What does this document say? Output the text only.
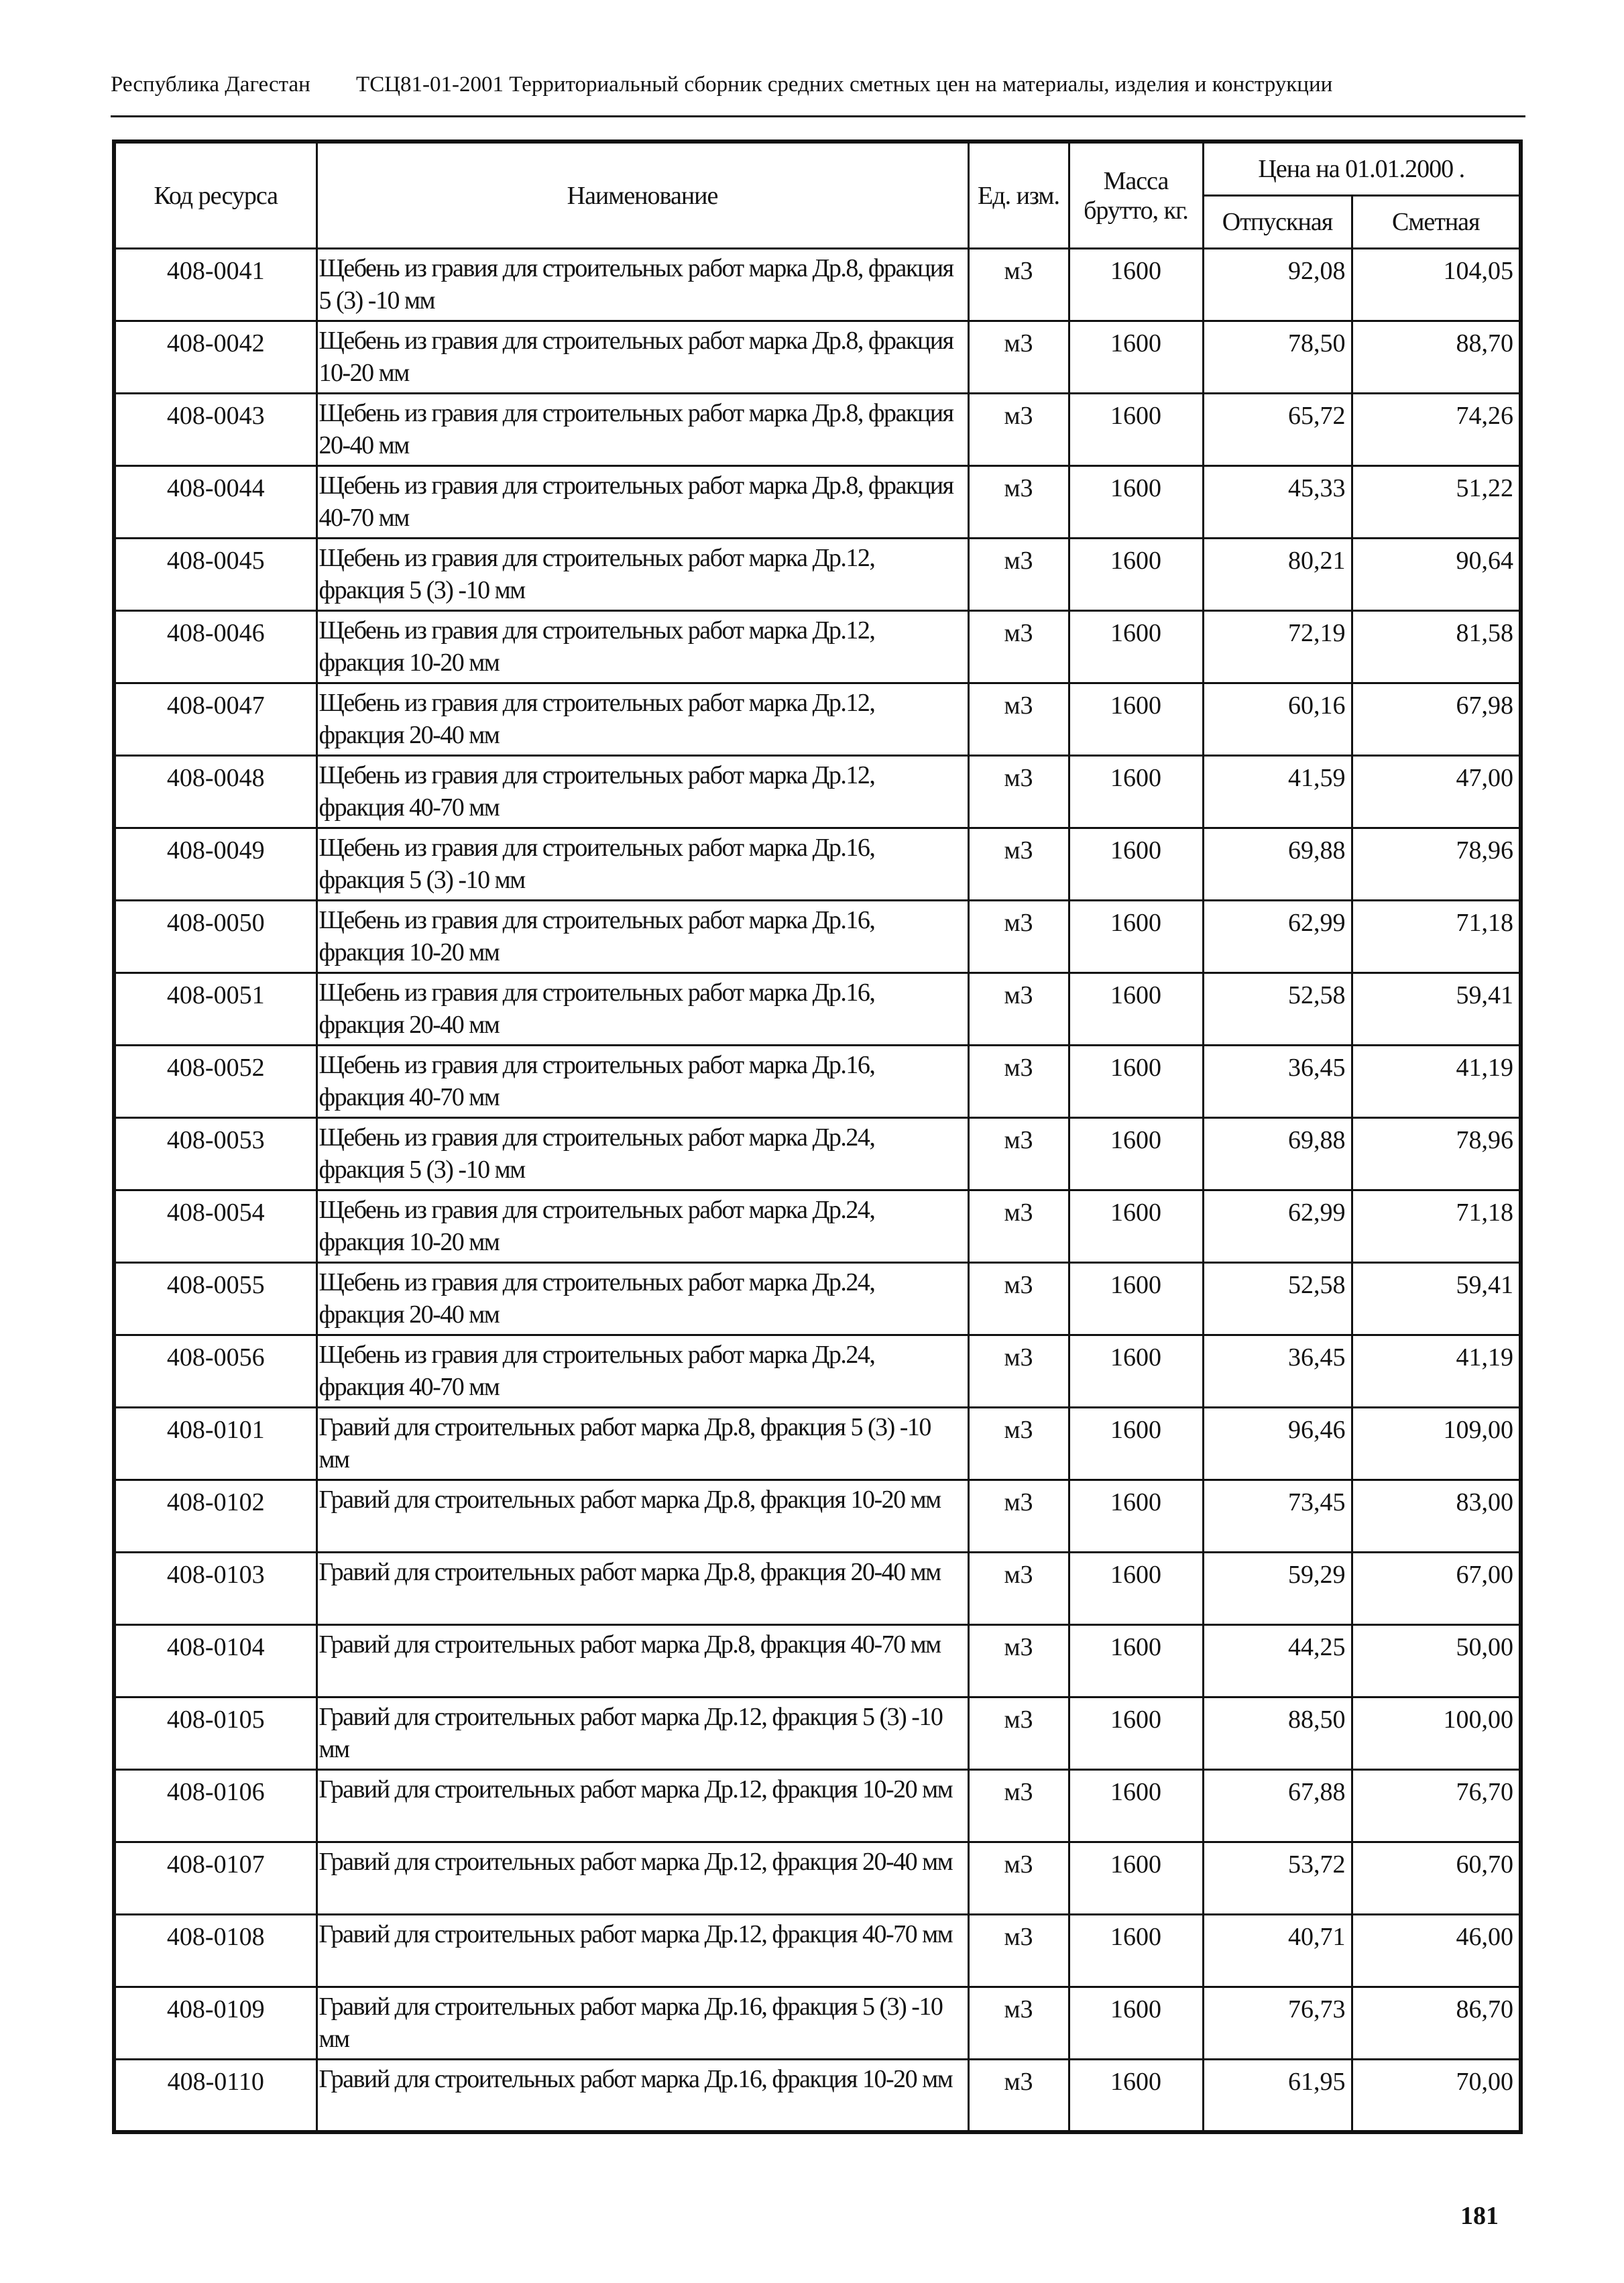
Республика Дагестан ТСЦ81-01-2001 Территориальный сборник средних сметных цен на материалы, изделия и конструкции
Код ресурса	Наименование	Ед. изм.	Масса брутто, кг.	Цена на 01.01.2000 .	
				Отпускная	Сметная
408-0041	Щебень из гравия для строительных работ марка Др.8, фракция 5 (3) -10 мм	м3	1600	92,08	104,05
408-0042	Щебень из гравия для строительных работ марка Др.8, фракция 10-20 мм	м3	1600	78,50	88,70
408-0043	Щебень из гравия для строительных работ марка Др.8, фракция 20-40 мм	м3	1600	65,72	74,26
408-0044	Щебень из гравия для строительных работ марка Др.8, фракция 40-70 мм	м3	1600	45,33	51,22
408-0045	Щебень из гравия для строительных работ марка Др.12, фракция 5 (3) -10 мм	м3	1600	80,21	90,64
408-0046	Щебень из гравия для строительных работ марка Др.12, фракция 10-20 мм	м3	1600	72,19	81,58
408-0047	Щебень из гравия для строительных работ марка Др.12, фракция 20-40 мм	м3	1600	60,16	67,98
408-0048	Щебень из гравия для строительных работ марка Др.12, фракция 40-70 мм	м3	1600	41,59	47,00
408-0049	Щебень из гравия для строительных работ марка Др.16, фракция 5 (3) -10 мм	м3	1600	69,88	78,96
408-0050	Щебень из гравия для строительных работ марка Др.16, фракция 10-20 мм	м3	1600	62,99	71,18
408-0051	Щебень из гравия для строительных работ марка Др.16, фракция 20-40 мм	м3	1600	52,58	59,41
408-0052	Щебень из гравия для строительных работ марка Др.16, фракция 40-70 мм	м3	1600	36,45	41,19
408-0053	Щебень из гравия для строительных работ марка Др.24, фракция 5 (3) -10 мм	м3	1600	69,88	78,96
408-0054	Щебень из гравия для строительных работ марка Др.24, фракция 10-20 мм	м3	1600	62,99	71,18
408-0055	Щебень из гравия для строительных работ марка Др.24, фракция 20-40 мм	м3	1600	52,58	59,41
408-0056	Щебень из гравия для строительных работ марка Др.24, фракция 40-70 мм	м3	1600	36,45	41,19
408-0101	Гравий для строительных работ марка Др.8, фракция 5 (3) -10 мм	м3	1600	96,46	109,00
408-0102	Гравий для строительных работ марка Др.8, фракция 10-20 мм	м3	1600	73,45	83,00
408-0103	Гравий для строительных работ марка Др.8, фракция 20-40 мм	м3	1600	59,29	67,00
408-0104	Гравий для строительных работ марка Др.8, фракция 40-70 мм	м3	1600	44,25	50,00
408-0105	Гравий для строительных работ марка Др.12, фракция 5 (3) -10 мм	м3	1600	88,50	100,00
408-0106	Гравий для строительных работ марка Др.12, фракция 10-20 мм	м3	1600	67,88	76,70
408-0107	Гравий для строительных работ марка Др.12, фракция 20-40 мм	м3	1600	53,72	60,70
408-0108	Гравий для строительных работ марка Др.12, фракция 40-70 мм	м3	1600	40,71	46,00
408-0109	Гравий для строительных работ марка Др.16, фракция 5 (3) -10 мм	м3	1600	76,73	86,70
408-0110	Гравий для строительных работ марка Др.16, фракция 10-20 мм	м3	1600	61,95	70,00
181
